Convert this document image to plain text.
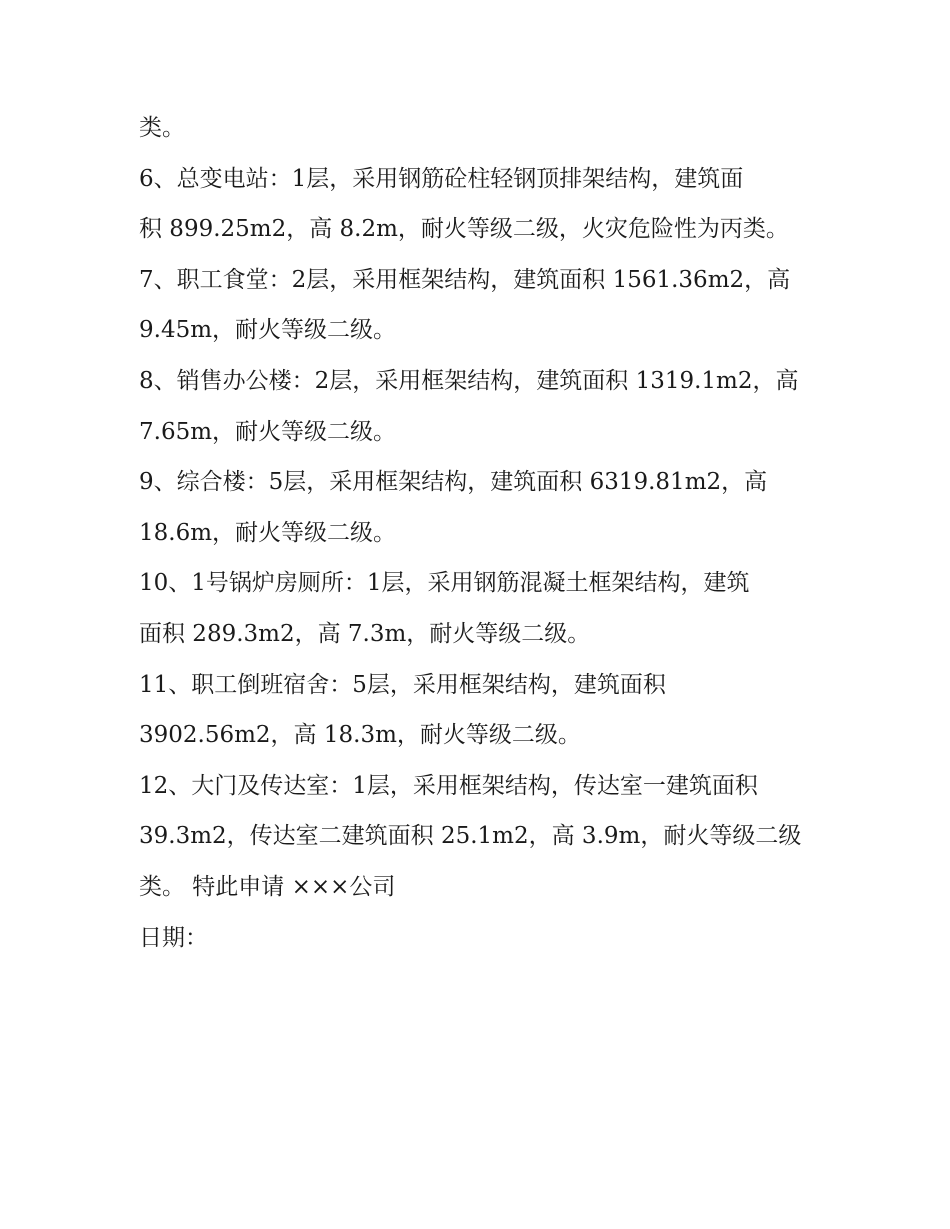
类。
6、总变电站：1层，采用钢筋砼柱轻钢顶排架结构，建筑面
积 899.25m2，高 8.2m，耐火等级二级，火灾危险性为丙类。
7、职工食堂：2层，采用框架结构，建筑面积 1561.36m2，高
9.45m，耐火等级二级。
8、销售办公楼：2层，采用框架结构，建筑面积 1319.1m2，高
7.65m，耐火等级二级。
9、综合楼：5层，采用框架结构，建筑面积 6319.81m2，高
18.6m，耐火等级二级。
10、1号锅炉房厕所：1层，采用钢筋混凝土框架结构，建筑
面积 289.3m2，高 7.3m，耐火等级二级。
11、职工倒班宿舍：5层，采用框架结构，建筑面积
3902.56m2，高 18.3m，耐火等级二级。
12、大门及传达室：1层，采用框架结构，传达室一建筑面积
39.3m2，传达室二建筑面积 25.1m2，高 3.9m，耐火等级二级
类。 特此申请 ×××公司
日期：
